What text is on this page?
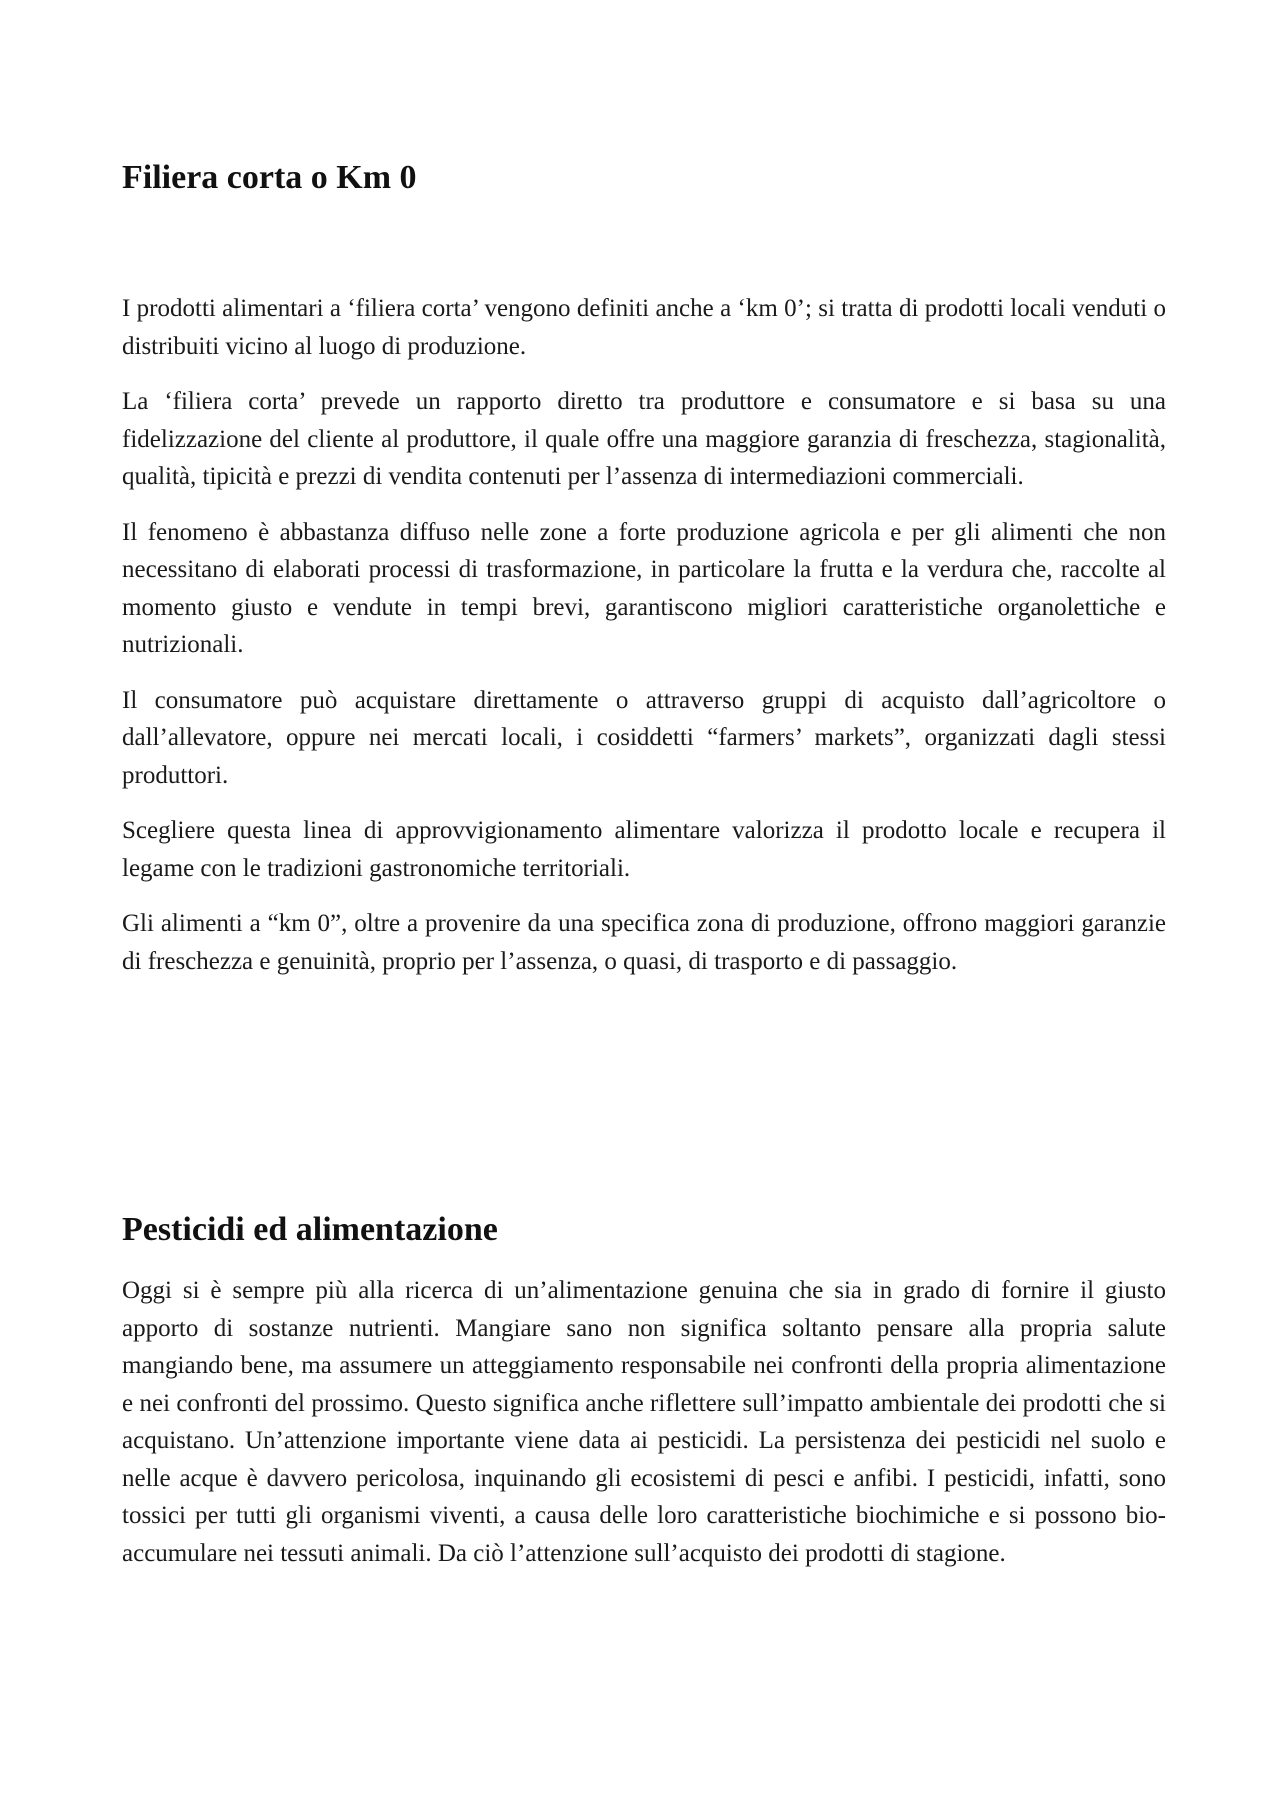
Filiera corta o Km 0

I prodotti alimentari a ‘filiera corta’ vengono definiti anche a ‘km 0’; si tratta di prodotti locali venduti o distribuiti vicino al luogo di produzione.

La ‘filiera corta’ prevede un rapporto diretto tra produttore e consumatore e si basa su una fidelizzazione del cliente al produttore, il quale offre una maggiore garanzia di freschezza, stagionalità, qualità, tipicità e prezzi di vendita contenuti per l’assenza di intermediazioni commerciali.

Il fenomeno è abbastanza diffuso nelle zone a forte produzione agricola e per gli alimenti che non necessitano di elaborati processi di trasformazione, in particolare la frutta e la verdura che, raccolte al momento giusto e vendute in tempi brevi, garantiscono migliori caratteristiche organolettiche e nutrizionali.

Il consumatore può acquistare direttamente o attraverso gruppi di acquisto dall’agricoltore o dall’allevatore, oppure nei mercati locali, i cosiddetti “farmers’ markets”, organizzati dagli stessi produttori.

Scegliere questa linea di approvvigionamento alimentare valorizza il prodotto locale e recupera il legame con le tradizioni gastronomiche territoriali.

Gli alimenti a “km 0”, oltre a provenire da una specifica zona di produzione, offrono maggiori garanzie di freschezza e genuinità, proprio per l’assenza, o quasi, di trasporto e di passaggio.

Pesticidi ed alimentazione

Oggi si è sempre più alla ricerca di un’alimentazione genuina che sia in grado di fornire il giusto apporto di sostanze nutrienti. Mangiare sano non significa soltanto pensare alla propria salute mangiando bene, ma assumere un atteggiamento responsabile nei confronti della propria alimentazione e nei confronti del prossimo. Questo significa anche riflettere sull’impatto ambientale dei prodotti che si acquistano. Un’attenzione importante viene data ai pesticidi. La persistenza dei pesticidi nel suolo e nelle acque è davvero pericolosa, inquinando gli ecosistemi di pesci e anfibi. I pesticidi, infatti, sono tossici per tutti gli organismi viventi, a causa delle loro caratteristiche biochimiche e si possono bio-accumulare nei tessuti animali. Da ciò l’attenzione sull’acquisto dei prodotti di stagione.
